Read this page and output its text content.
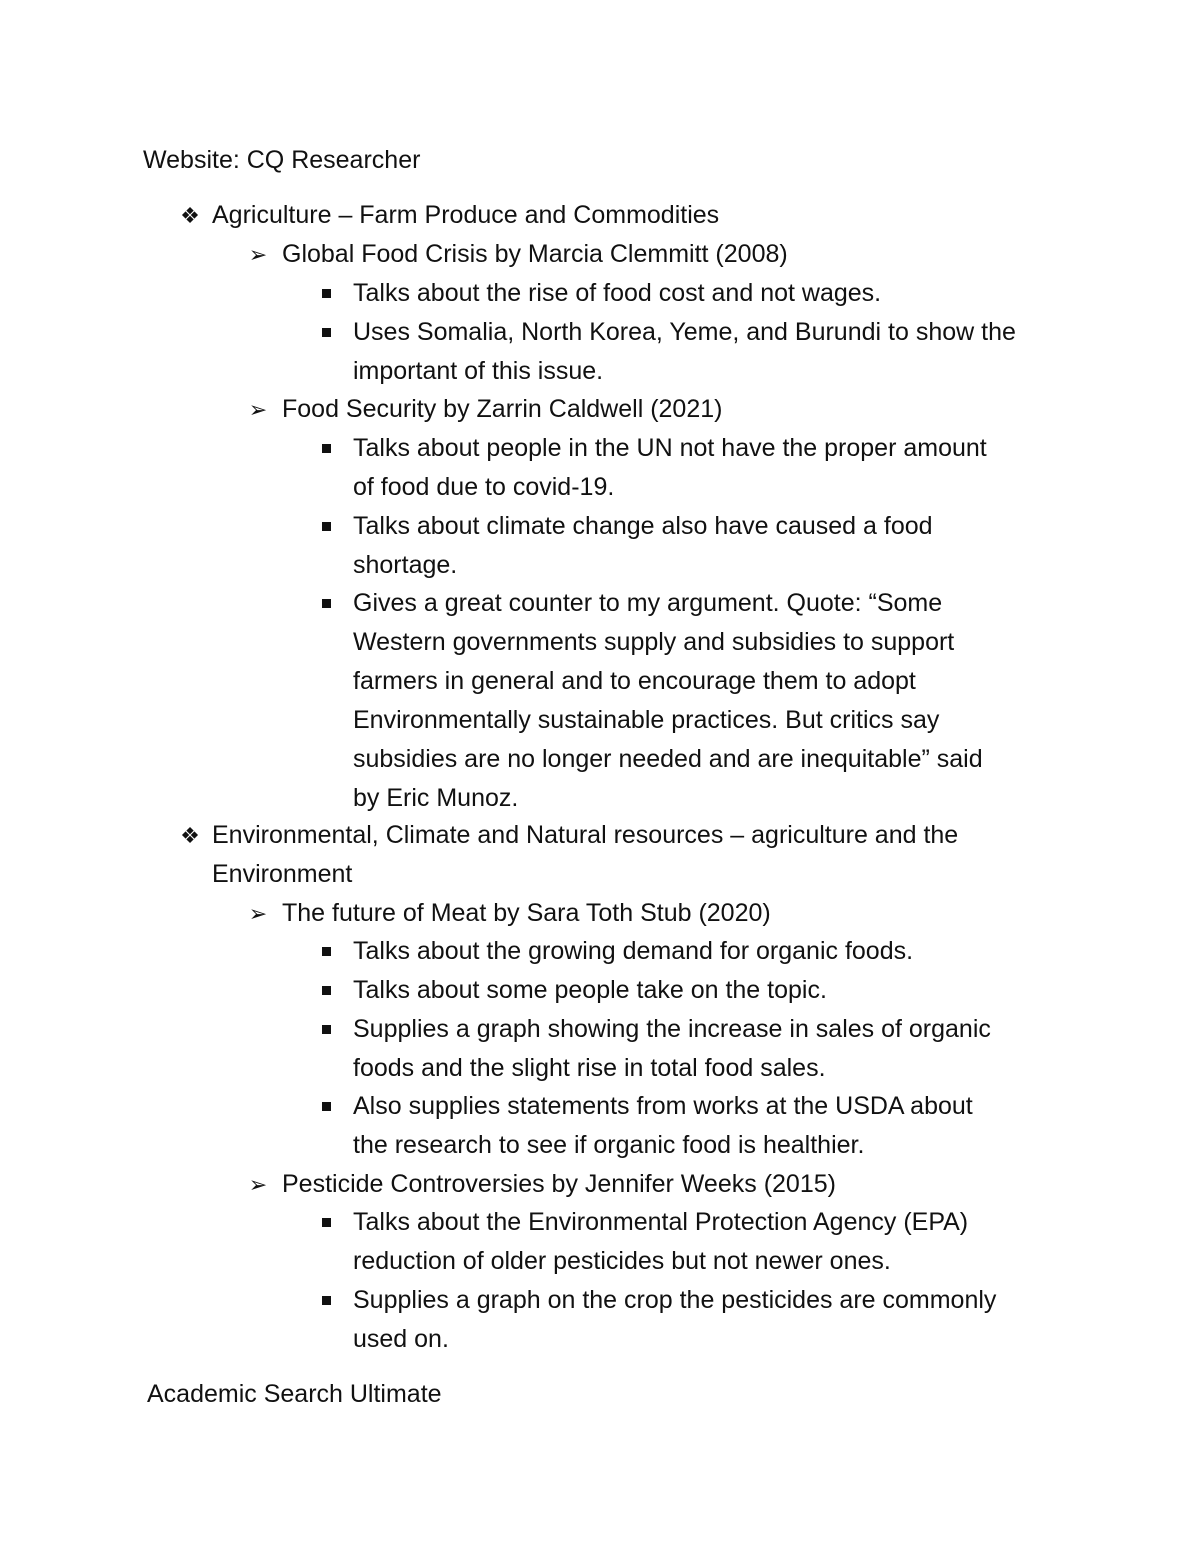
Website: CQ Researcher
❖ Agriculture – Farm Produce and Commodities
➢ Global Food Crisis by Marcia Clemmitt (2008)
Talks about the rise of food cost and not wages.
Uses Somalia, North Korea, Yeme, and Burundi to show the
important of this issue.
➢ Food Security by Zarrin Caldwell (2021)
Talks about people in the UN not have the proper amount
of food due to covid-19.
Talks about climate change also have caused a food
shortage.
Gives a great counter to my argument. Quote: “Some
Western governments supply and subsidies to support
farmers in general and to encourage them to adopt
Environmentally sustainable practices. But critics say
subsidies are no longer needed and are inequitable” said
by Eric Munoz.
❖ Environmental, Climate and Natural resources – agriculture and the
Environment
➢ The future of Meat by Sara Toth Stub (2020)
Talks about the growing demand for organic foods.
Talks about some people take on the topic.
Supplies a graph showing the increase in sales of organic
foods and the slight rise in total food sales.
Also supplies statements from works at the USDA about
the research to see if organic food is healthier.
➢ Pesticide Controversies by Jennifer Weeks (2015)
Talks about the Environmental Protection Agency (EPA)
reduction of older pesticides but not newer ones.
Supplies a graph on the crop the pesticides are commonly
used on.
Academic Search Ultimate
